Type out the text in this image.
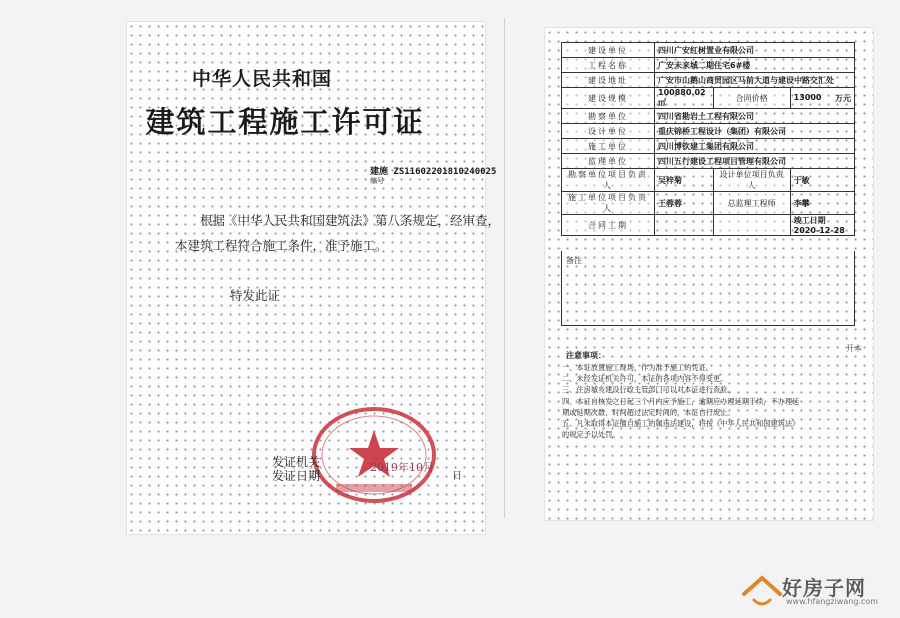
中华人民共和国
建筑工程施工许可证
建施 ZS11602201810240025
编号
根据《中华人民共和国建筑法》第八条规定，经审查，
本建筑工程符合施工条件，准予施工。
特发此证
发证机关
发证日期
2019年10月
日
建设单位	四川广安红树置业有限公司		
工程名称	广安未来城二期住宅6#楼		
建设地址	广安市山鹅山商贸园区马前大道与建设中路交汇处		
建设规模	100880.02㎡	合同价格	13000 万元

勘察单位	四川省勘岩土工程有限公司		
设计单位	重庆锦桥工程设计（集团）有限公司		
施工单位	四川博钦建工集团有限公司		
监理单位	四川五行建设工程项目管理有限公司		
勘察单位项目负责人	吴梓菊	设计单位项目负责人	于敏
施工单位项目负责人	王蓉蓉	总监理工程师	李攀
合同工期			竣工日期 2020-12-28
备注
开本
注意事项：
一、本证放置施工现场，作为准予施工的凭证。
二、未经发证机关许可，本证的各项内容不得变更。
三、住房城乡建设行政主管部门可以对本证进行查验。
四、本证自核发之日起三个月内应予施工，逾期应办理延期手续，不办理延
期或延期次数、时间超过法定时间的，本证自行废止。
五、凡未取得本证擅自施工的属违法建设，将按《中华人民共和国建筑法》
的规定予以处罚。
好房子网
www.hfangziwang.com
